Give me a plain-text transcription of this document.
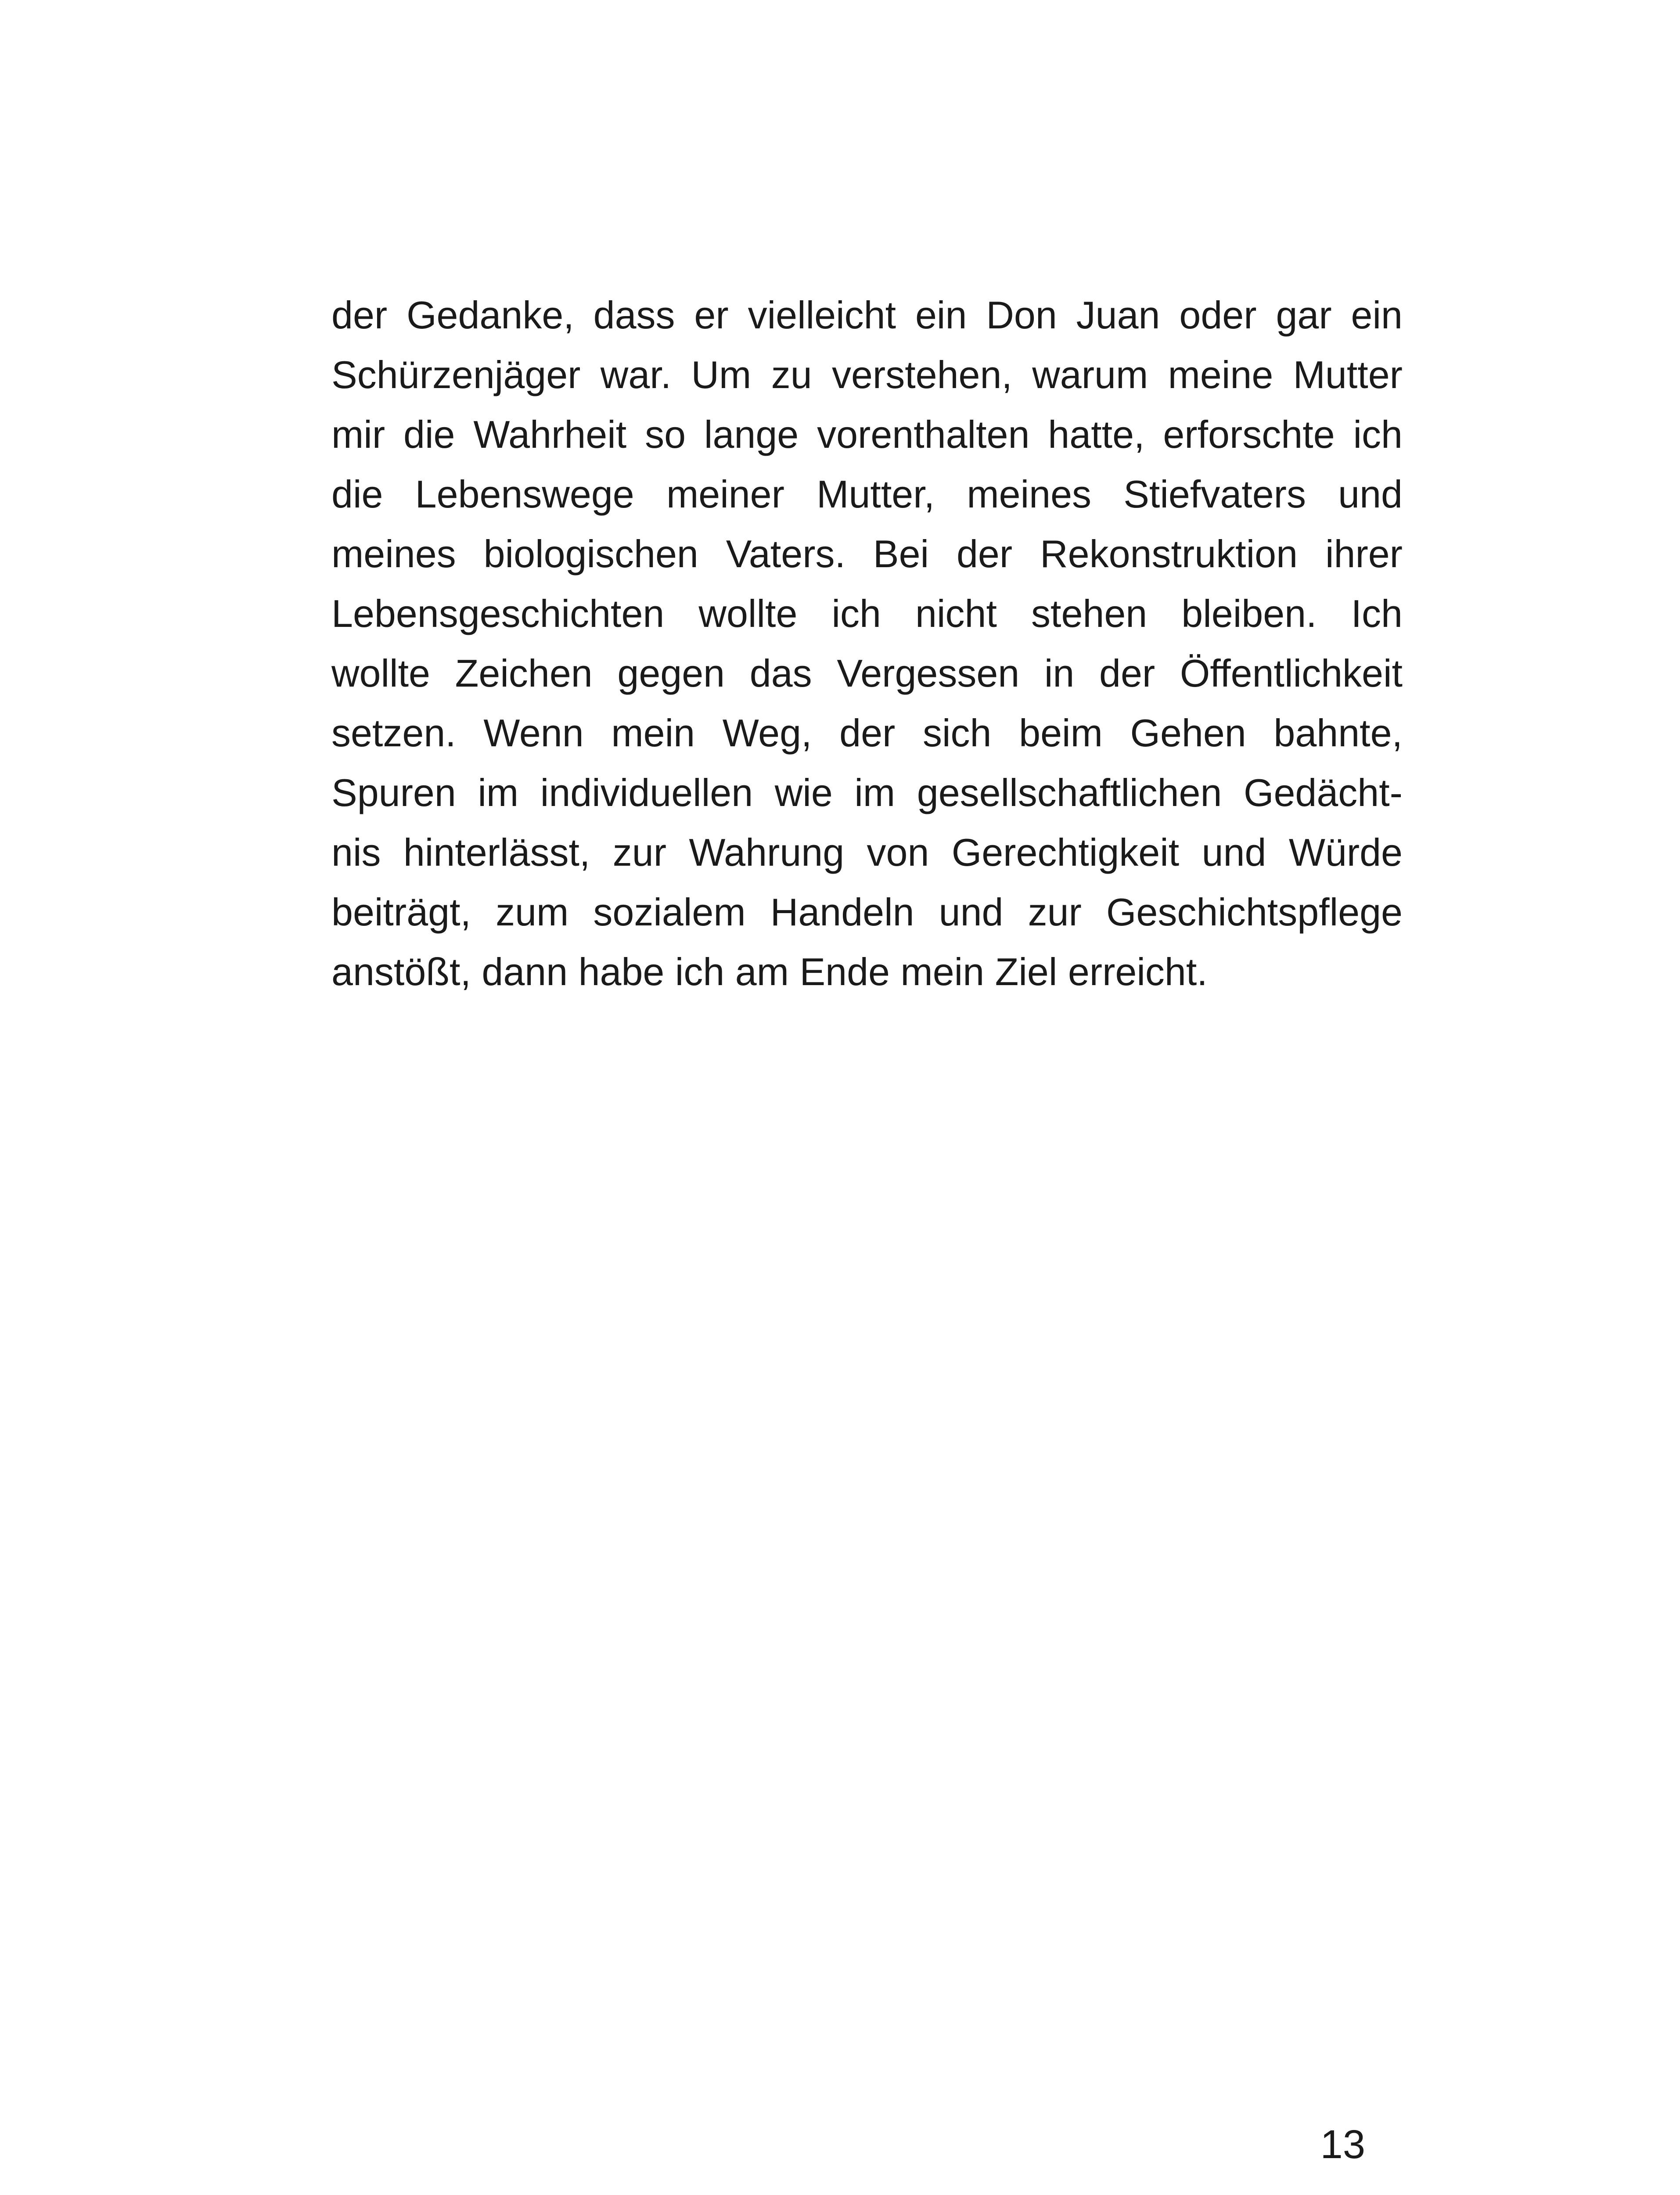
der Gedanke, dass er vielleicht ein Don Juan oder gar ein
Schürzenjäger war. Um zu verstehen, warum meine Mutter
mir die Wahrheit so lange vorenthalten hatte, erforschte ich
die Lebenswege meiner Mutter, meines Stiefvaters und
meines biologischen Vaters. Bei der Rekonstruktion ihrer
Lebensgeschichten wollte ich nicht stehen bleiben. Ich
wollte Zeichen gegen das Vergessen in der Öffentlichkeit
setzen. Wenn mein Weg, der sich beim Gehen bahnte,
Spuren im individuellen wie im gesellschaftlichen Gedächt-
nis hinterlässt, zur Wahrung von Gerechtigkeit und Würde
beiträgt, zum sozialem Handeln und zur Geschichtspflege
anstößt, dann habe ich am Ende mein Ziel erreicht.
13
